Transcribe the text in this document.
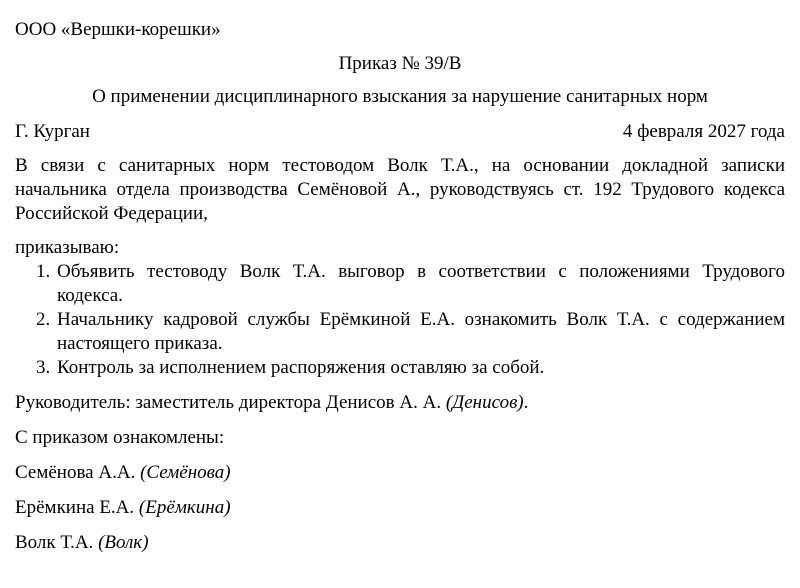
ООО «Вершки-корешки»
Приказ № 39/В
О применении дисциплинарного взыскания за нарушение санитарных норм
Г. Курган	4 февраля 2027 года

В связи с санитарных норм тестоводом Волк Т.А., на основании докладной записки начальника отдела производства Семёновой А., руководствуясь ст. 192 Трудового кодекса Российской Федерации,

приказываю:
1. Объявить тестоводу Волк Т.А. выговор в соответствии с положениями Трудового кодекса.
2. Начальнику кадровой службы Ерёмкиной Е.А. ознакомить Волк Т.А. с содержанием настоящего приказа.
3. Контроль за исполнением распоряжения оставляю за собой.
Руководитель: заместитель директора Денисов А. А. (Денисов).
С приказом ознакомлены:
Семёнова А.А. (Семёнова)
Ерёмкина Е.А. (Ерёмкина)
Волк Т.А. (Волк)
